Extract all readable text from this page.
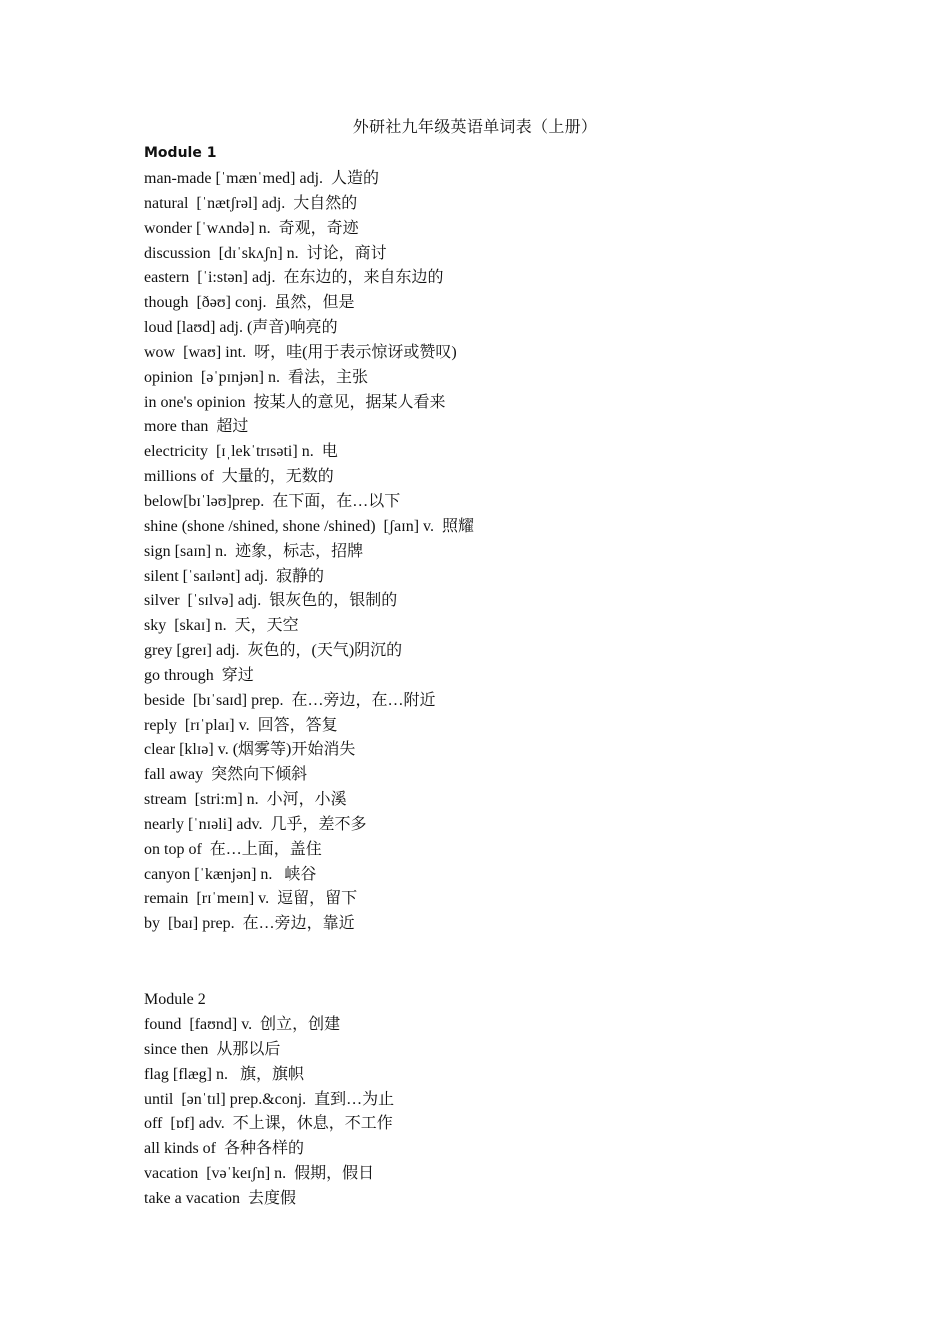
外研社九年级英语单词表（上册）
Module 1
man-made [ˈmænˈmed] adj.  人造的
natural  [ˈnætʃrəl] adj.  大自然的
wonder [ˈwʌndə] n.  奇观，奇迹
discussion  [dɪˈskʌʃn] n.  讨论，商讨
eastern  [ˈi:stən] adj.  在东边的，来自东边的
though  [ðəʊ] conj.  虽然，但是
loud [laʊd] adj. (声音)响亮的
wow  [waʊ] int.  呀，哇(用于表示惊讶或赞叹)
opinion  [əˈpɪnjən] n.  看法，主张
in one's opinion  按某人的意见，据某人看来
more than  超过
electricity  [ɪˌlekˈtrɪsəti] n.  电
millions of  大量的，无数的
below[bɪˈləʊ]prep.  在下面，在…以下
shine (shone /shined, shone /shined)  [ʃaɪn] v.  照耀
sign [saɪn] n.  迹象，标志，招牌
silent [ˈsaɪlənt] adj.  寂静的
silver  [ˈsɪlvə] adj.  银灰色的，银制的
sky  [skaɪ] n.  天，天空
grey [greɪ] adj.  灰色的，(天气)阴沉的
go through  穿过
beside  [bɪˈsaɪd] prep.  在…旁边，在…附近
reply  [rɪˈplaɪ] v.  回答，答复
clear [klɪə] v. (烟雾等)开始消失
fall away  突然向下倾斜
stream  [stri:m] n.  小河，小溪
nearly [ˈnɪəli] adv.  几乎，差不多
on top of  在…上面，盖住
canyon [ˈkænjən] n.   峡谷
remain  [rɪˈmeɪn] v.  逗留，留下
by  [baɪ] prep.  在…旁边，靠近
Module 2
found  [faʊnd] v.  创立，创建
since then  从那以后
flag [flæg] n.   旗，旗帜
until  [ənˈtɪl] prep.&conj.  直到…为止
off  [ɒf] adv.  不上课，休息，不工作
all kinds of  各种各样的
vacation  [vəˈkeɪʃn] n.  假期，假日
take a vacation  去度假
